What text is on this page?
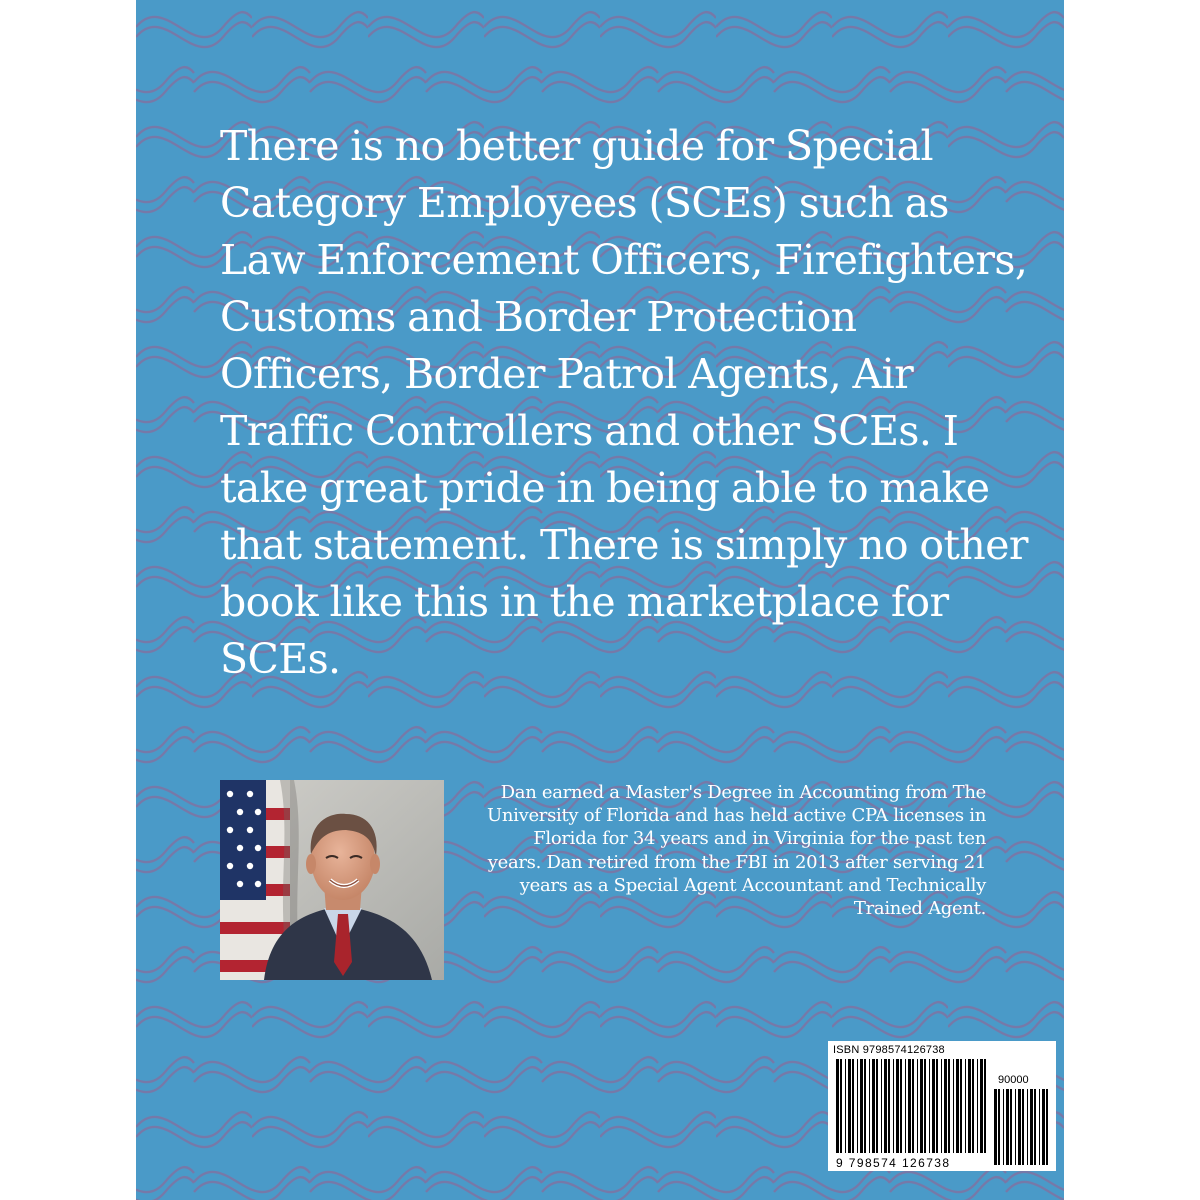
There is no better guide for Special Category Employees (SCEs) such as Law Enforcement Officers, Firefighters, Customs and Border Protection Officers, Border Patrol Agents, Air Traffic Controllers and other SCEs. I take great pride in being able to make that statement. There is simply no other book like this in the marketplace for SCEs.

Dan earned a Master's Degree in Accounting from The University of Florida and has held active CPA licenses in Florida for 34 years and in Virginia for the past ten years. Dan retired from the FBI in 2013 after serving 21 years as a Special Agent Accountant and Technically Trained Agent.

ISBN 9798574126738
90000
9 798574 126738
